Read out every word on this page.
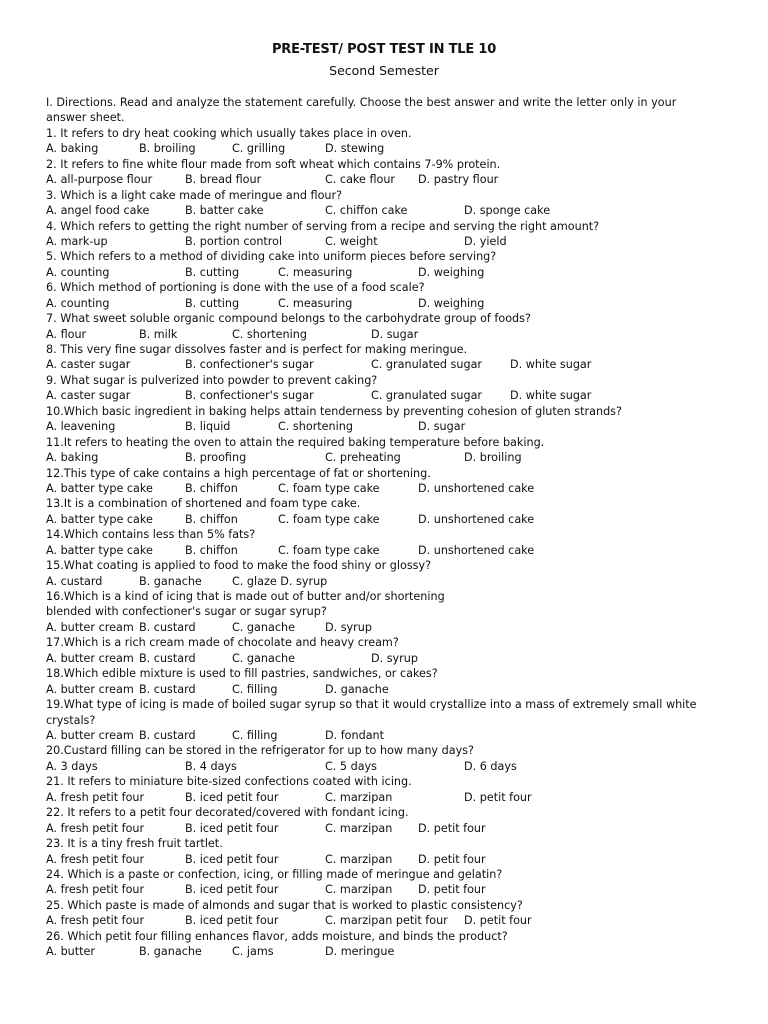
PRE-TEST/ POST TEST IN TLE 10
Second Semester
I. Directions. Read and analyze the statement carefully. Choose the best answer and write the letter only in your answer sheet.
1. It refers to dry heat cooking which usually takes place in oven.
A. baking	B. broiling	C. grilling	D. stewing
2. It refers to fine white flour made from soft wheat which contains 7-9% protein.
A. all-purpose flour	B. bread flour	C. cake flour D. pastry flour
3. Which is a light cake made of meringue and flour?
A. angel food cake	B. batter cake	C. chiffon cake	D. sponge cake
4. Which refers to getting the right number of serving from a recipe and serving the right amount?
A. mark-up	B. portion control	C. weight	D. yield
5. Which refers to a method of dividing cake into uniform pieces before serving?
A. counting	B. cutting	C. measuring	D. weighing
6. Which method of portioning is done with the use of a food scale?
A. counting	B. cutting	C. measuring	D. weighing
7. What sweet soluble organic compound belongs to the carbohydrate group of foods?
A. flour	B. milk	C. shortening	D. sugar
8. This very fine sugar dissolves faster and is perfect for making meringue.
A. caster sugar	B. confectioner's sugar	C. granulated sugar D. white sugar
9. What sugar is pulverized into powder to prevent caking?
A. caster sugar	B. confectioner's sugar	C. granulated sugar D. white sugar
10.Which basic ingredient in baking helps attain tenderness by preventing cohesion of gluten strands?
A. leavening	B. liquid	C. shortening	D. sugar
11.It refers to heating the oven to attain the required baking temperature before baking.
A. baking	B. proofing	C. preheating	D. broiling
12.This type of cake contains a high percentage of fat or shortening.
A. batter type cake	B. chiffon	C. foam type cake	D. unshortened cake
13.It is a combination of shortened and foam type cake.
A. batter type cake	B. chiffon	C. foam type cake	D. unshortened cake
14.Which contains less than 5% fats?
A. batter type cake	B. chiffon	C. foam type cake	D. unshortened cake
15.What coating is applied to food to make the food shiny or glossy?
A. custard	B. ganache	C. glaze D. syrup
16.Which is a kind of icing that is made out of butter and/or shortening
blended with confectioner's sugar or sugar syrup?
A. butter cream B. custard	C. ganache	D. syrup
17.Which is a rich cream made of chocolate and heavy cream?
A. butter cream B. custard	C. ganache	D. syrup
18.Which edible mixture is used to fill pastries, sandwiches, or cakes?
A. butter cream B. custard	C. filling	D. ganache
19.What type of icing is made of boiled sugar syrup so that it would crystallize into a mass of extremely small white crystals?
A. butter cream B. custard	C. filling	D. fondant
20.Custard filling can be stored in the refrigerator for up to how many days?
A. 3 days	B. 4 days	C. 5 days	D. 6 days
21. It refers to miniature bite-sized confections coated with icing.
A. fresh petit four	B. iced petit four	C. marzipan	D. petit four
22. It refers to a petit four decorated/covered with fondant icing.
A. fresh petit four	B. iced petit four	C. marzipan D. petit four
23. It is a tiny fresh fruit tartlet.
A. fresh petit four	B. iced petit four	C. marzipan D. petit four
24. Which is a paste or confection, icing, or filling made of meringue and gelatin?
A. fresh petit four	B. iced petit four	C. marzipan D. petit four
25. Which paste is made of almonds and sugar that is worked to plastic consistency?
A. fresh petit four	B. iced petit four	C. marzipan petit four D. petit four
26. Which petit four filling enhances flavor, adds moisture, and binds the product?
A. butter	B. ganache	C. jams	D. meringue
